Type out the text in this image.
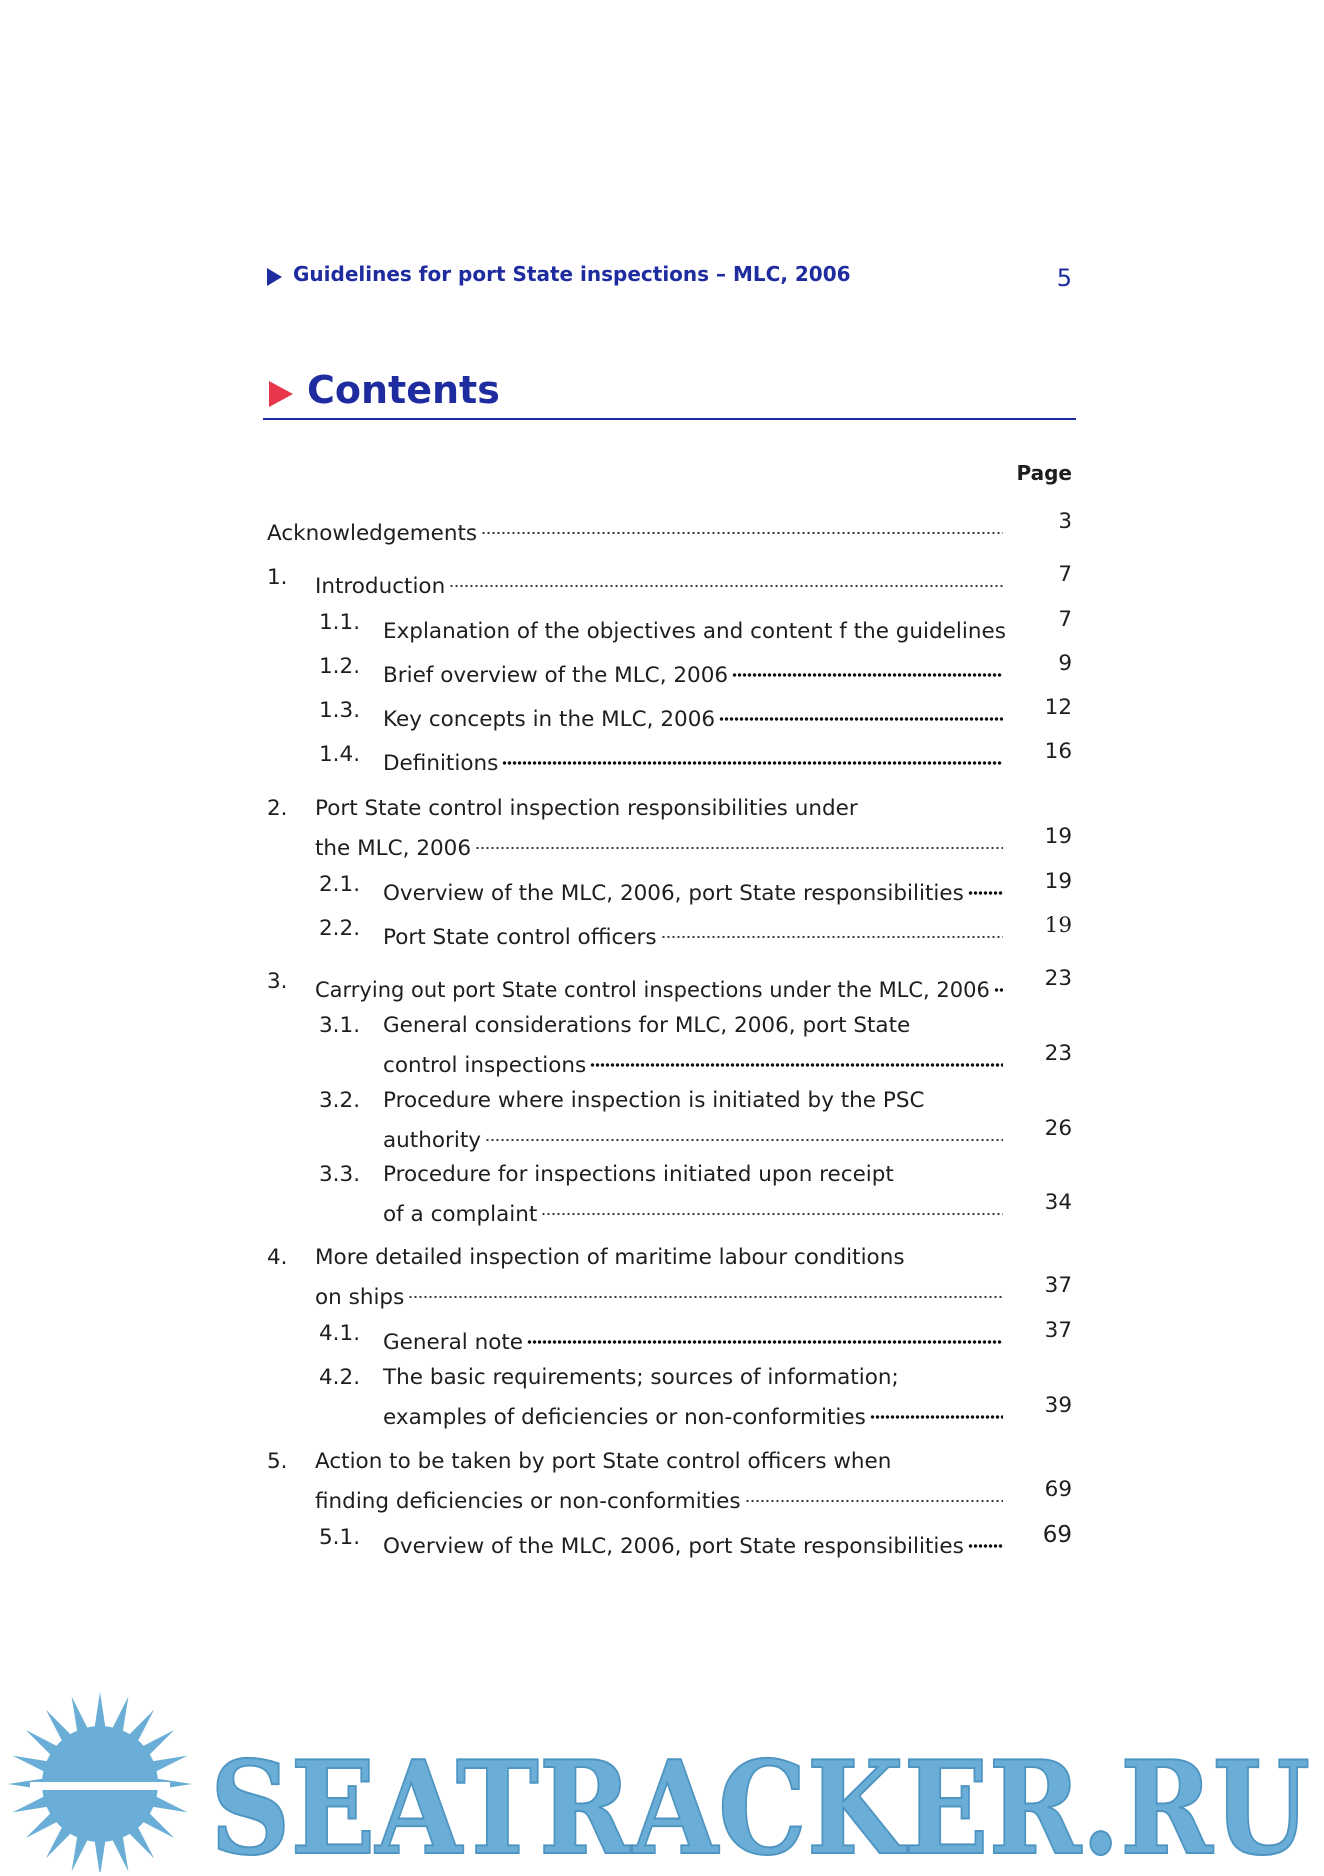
Guidelines for port State inspections – MLC, 2006	5
Contents
Page
Acknowledgements	3
1. Introduction	7
1.1. Explanation of the objectives and content f the guidelines 7
1.2. Brief overview of the MLC, 2006	9
1.3. Key concepts in the MLC, 2006	12
1.4. Definitions	16
2. Port State control inspection responsibilities under
the MLC, 2006	19
2.1. Overview of the MLC, 2006, port State responsibilities	19
2.2. Port State control officers	19
3. Carrying out port State control inspections under the MLC, 2006	23
3.1. General considerations for MLC, 2006, port State
control inspections	23
3.2. Procedure where inspection is initiated by the PSC
authority	26
3.3. Procedure for inspections initiated upon receipt
of a complaint	34
4. More detailed inspection of maritime labour conditions
on ships	37
4.1. General note	37
4.2. The basic requirements; sources of information;
examples of deficiencies or non-conformities	39
5. Action to be taken by port State control officers when
finding deficiencies or non-conformities	69
5.1. Overview of the MLC, 2006, port State responsibilities	69
SEATRACKER.RU
